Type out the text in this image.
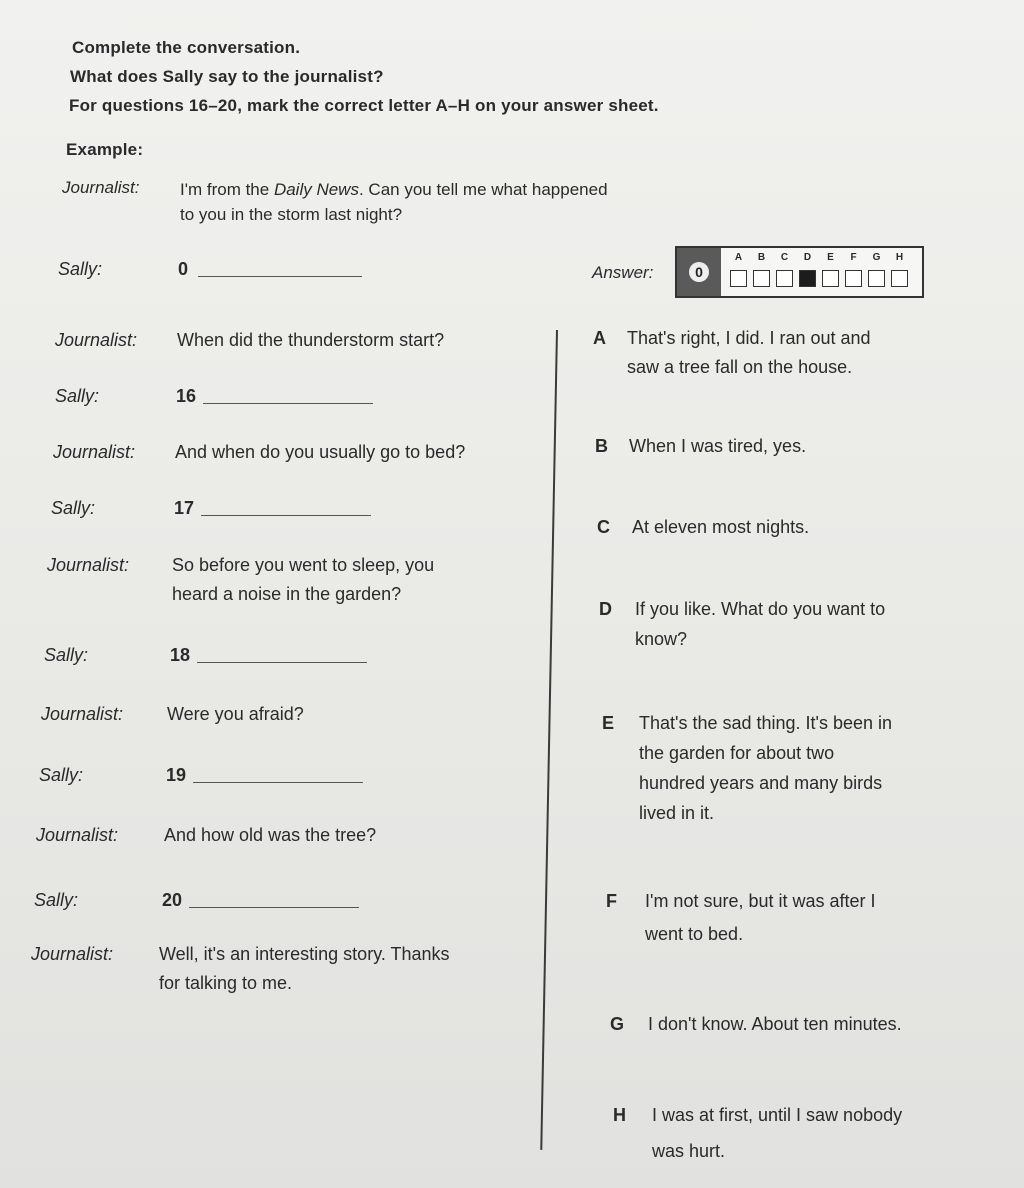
Complete the conversation.
What does Sally say to the journalist?
For questions 16–20, mark the correct letter A–H on your answer sheet.
Example:
Journalist: I'm from the Daily News. Can you tell me what happened
to you in the storm last night?
Sally:	0	Answer:	0
A B C D E F G H
Journalist: When did the thunderstorm start?
Sally:	16
Journalist: And when do you usually go to bed?
Sally:	17
Journalist: So before you went to sleep, you
heard a noise in the garden?
Sally:	18
Journalist: Were you afraid?
Sally:	19
Journalist:	And how old was the tree?
Sally:	20
Journalist:	Well, it's an interesting story. Thanks
for talking to me.
A That's right, I did. I ran out and
saw a tree fall on the house.
B When I was tired, yes.
C At eleven most nights.
D If you like. What do you want to
know?
E That's the sad thing. It's been in
the garden for about two
hundred years and many birds
lived in it.
F I'm not sure, but it was after I
went to bed.
G I don't know. About ten minutes.
H I was at first, until I saw nobody
was hurt.
